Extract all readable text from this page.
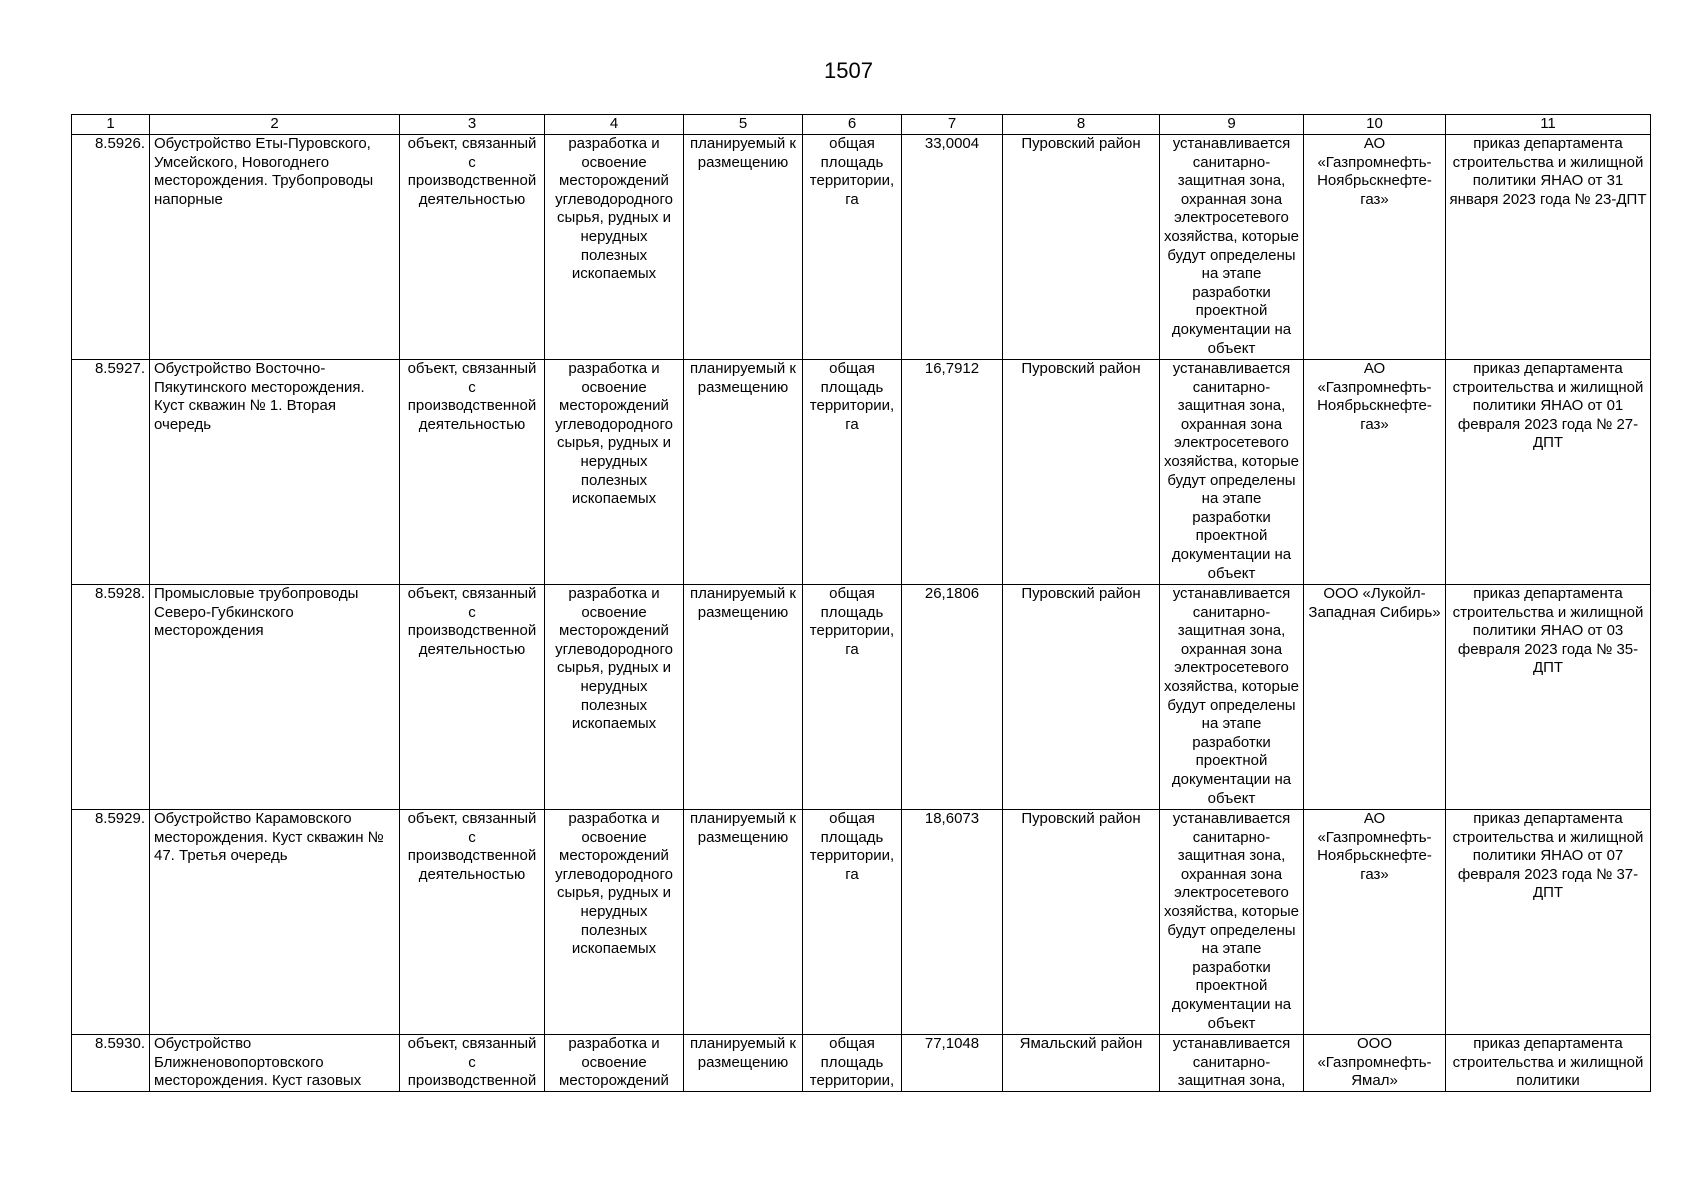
1507
1	2	3	4	5	6	7	8	9	10	11
8.5926.	Обустройство Еты-Пуровского, Умсейского, Новогоднего месторождения. Трубопроводы напорные	объект, связанный с производственной деятельностью	разработка и освоение месторождений углеводородного сырья, рудных и нерудных полезных ископаемых	планируемый к размещению	общая площадь территории, га	33,0004	Пуровский район	устанавливается санитарно-защитная зона, охранная зона электросетевого хозяйства, которые будут определены на этапе разработки проектной документации на объект	АО «Газпромнефть-Ноябрьскнефте-газ»	приказ департамента строительства и жилищной политики ЯНАО от 31 января 2023 года № 23-ДПТ
8.5927.	Обустройство Восточно-Пякутинского месторождения. Куст скважин № 1. Вторая очередь	объект, связанный с производственной деятельностью	разработка и освоение месторождений углеводородного сырья, рудных и нерудных полезных ископаемых	планируемый к размещению	общая площадь территории, га	16,7912	Пуровский район	устанавливается санитарно-защитная зона, охранная зона электросетевого хозяйства, которые будут определены на этапе разработки проектной документации на объект	АО «Газпромнефть-Ноябрьскнефте-газ»	приказ департамента строительства и жилищной политики ЯНАО от 01 февраля 2023 года № 27-ДПТ
8.5928.	Промысловые трубопроводы Северо-Губкинского месторождения	объект, связанный с производственной деятельностью	разработка и освоение месторождений углеводородного сырья, рудных и нерудных полезных ископаемых	планируемый к размещению	общая площадь территории, га	26,1806	Пуровский район	устанавливается санитарно-защитная зона, охранная зона электросетевого хозяйства, которые будут определены на этапе разработки проектной документации на объект	ООО «Лукойл-Западная Сибирь»	приказ департамента строительства и жилищной политики ЯНАО от 03 февраля 2023 года № 35-ДПТ
8.5929.	Обустройство Карамовского месторождения. Куст скважин № 47. Третья очередь	объект, связанный с производственной деятельностью	разработка и освоение месторождений углеводородного сырья, рудных и нерудных полезных ископаемых	планируемый к размещению	общая площадь территории, га	18,6073	Пуровский район	устанавливается санитарно-защитная зона, охранная зона электросетевого хозяйства, которые будут определены на этапе разработки проектной документации на объект	АО «Газпромнефть-Ноябрьскнефте-газ»	приказ департамента строительства и жилищной политики ЯНАО от 07 февраля 2023 года № 37-ДПТ
8.5930.	Обустройство Ближненовопортовского месторождения. Куст газовых	объект, связанный с производственной	разработка и освоение месторождений	планируемый к размещению	общая площадь территории,	77,1048	Ямальский район	устанавливается санитарно-защитная зона,	ООО «Газпромнефть-Ямал»	приказ департамента строительства и жилищной политики
